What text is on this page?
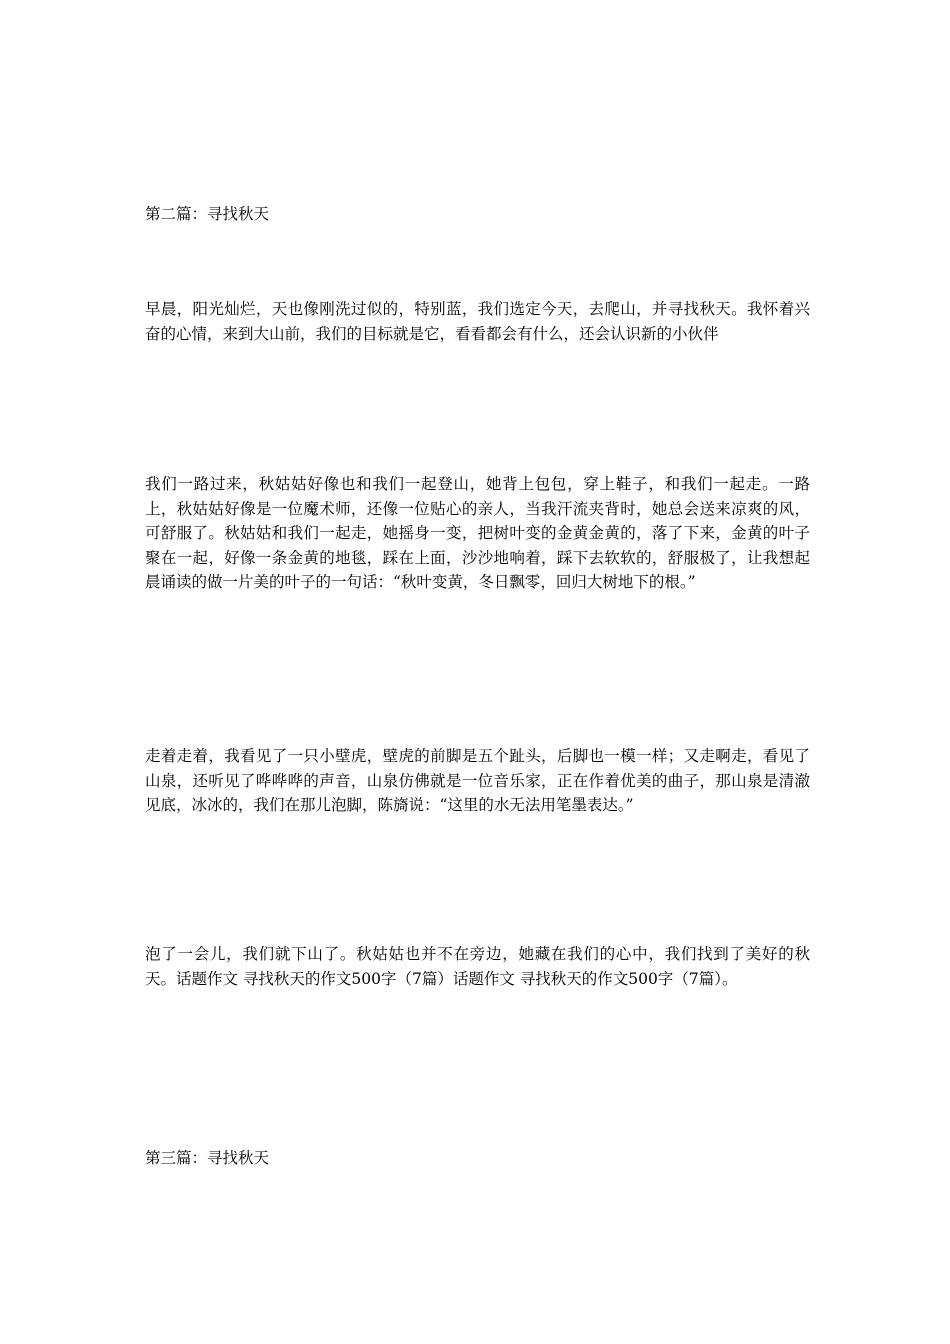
第二篇：寻找秋天
早晨，阳光灿烂，天也像刚洗过似的，特别蓝，我们选定今天，去爬山，并寻找秋天。我怀着兴奋的心情，来到大山前，我们的目标就是它，看看都会有什么，还会认识新的小伙伴
我们一路过来，秋姑姑好像也和我们一起登山，她背上包包，穿上鞋子，和我们一起走。一路上，秋姑姑好像是一位魔术师，还像一位贴心的亲人，当我汗流夹背时，她总会送来凉爽的风，可舒服了。秋姑姑和我们一起走，她摇身一变，把树叶变的金黄金黄的，落了下来，金黄的叶子聚在一起，好像一条金黄的地毯，踩在上面，沙沙地响着，踩下去软软的，舒服极了，让我想起晨诵读的做一片美的叶子的一句话：“秋叶变黄，冬日飘零，回归大树地下的根。”
走着走着，我看见了一只小壁虎，壁虎的前脚是五个趾头，后脚也一模一样；又走啊走，看见了山泉，还听见了哗哗哗的声音，山泉仿佛就是一位音乐家，正在作着优美的曲子，那山泉是清澈见底，冰冰的，我们在那儿泡脚，陈旖说：“这里的水无法用笔墨表达。”
泡了一会儿，我们就下山了。秋姑姑也并不在旁边，她藏在我们的心中，我们找到了美好的秋天。话题作文 寻找秋天的作文500字（7篇）话题作文 寻找秋天的作文500字（7篇）。
第三篇：寻找秋天
